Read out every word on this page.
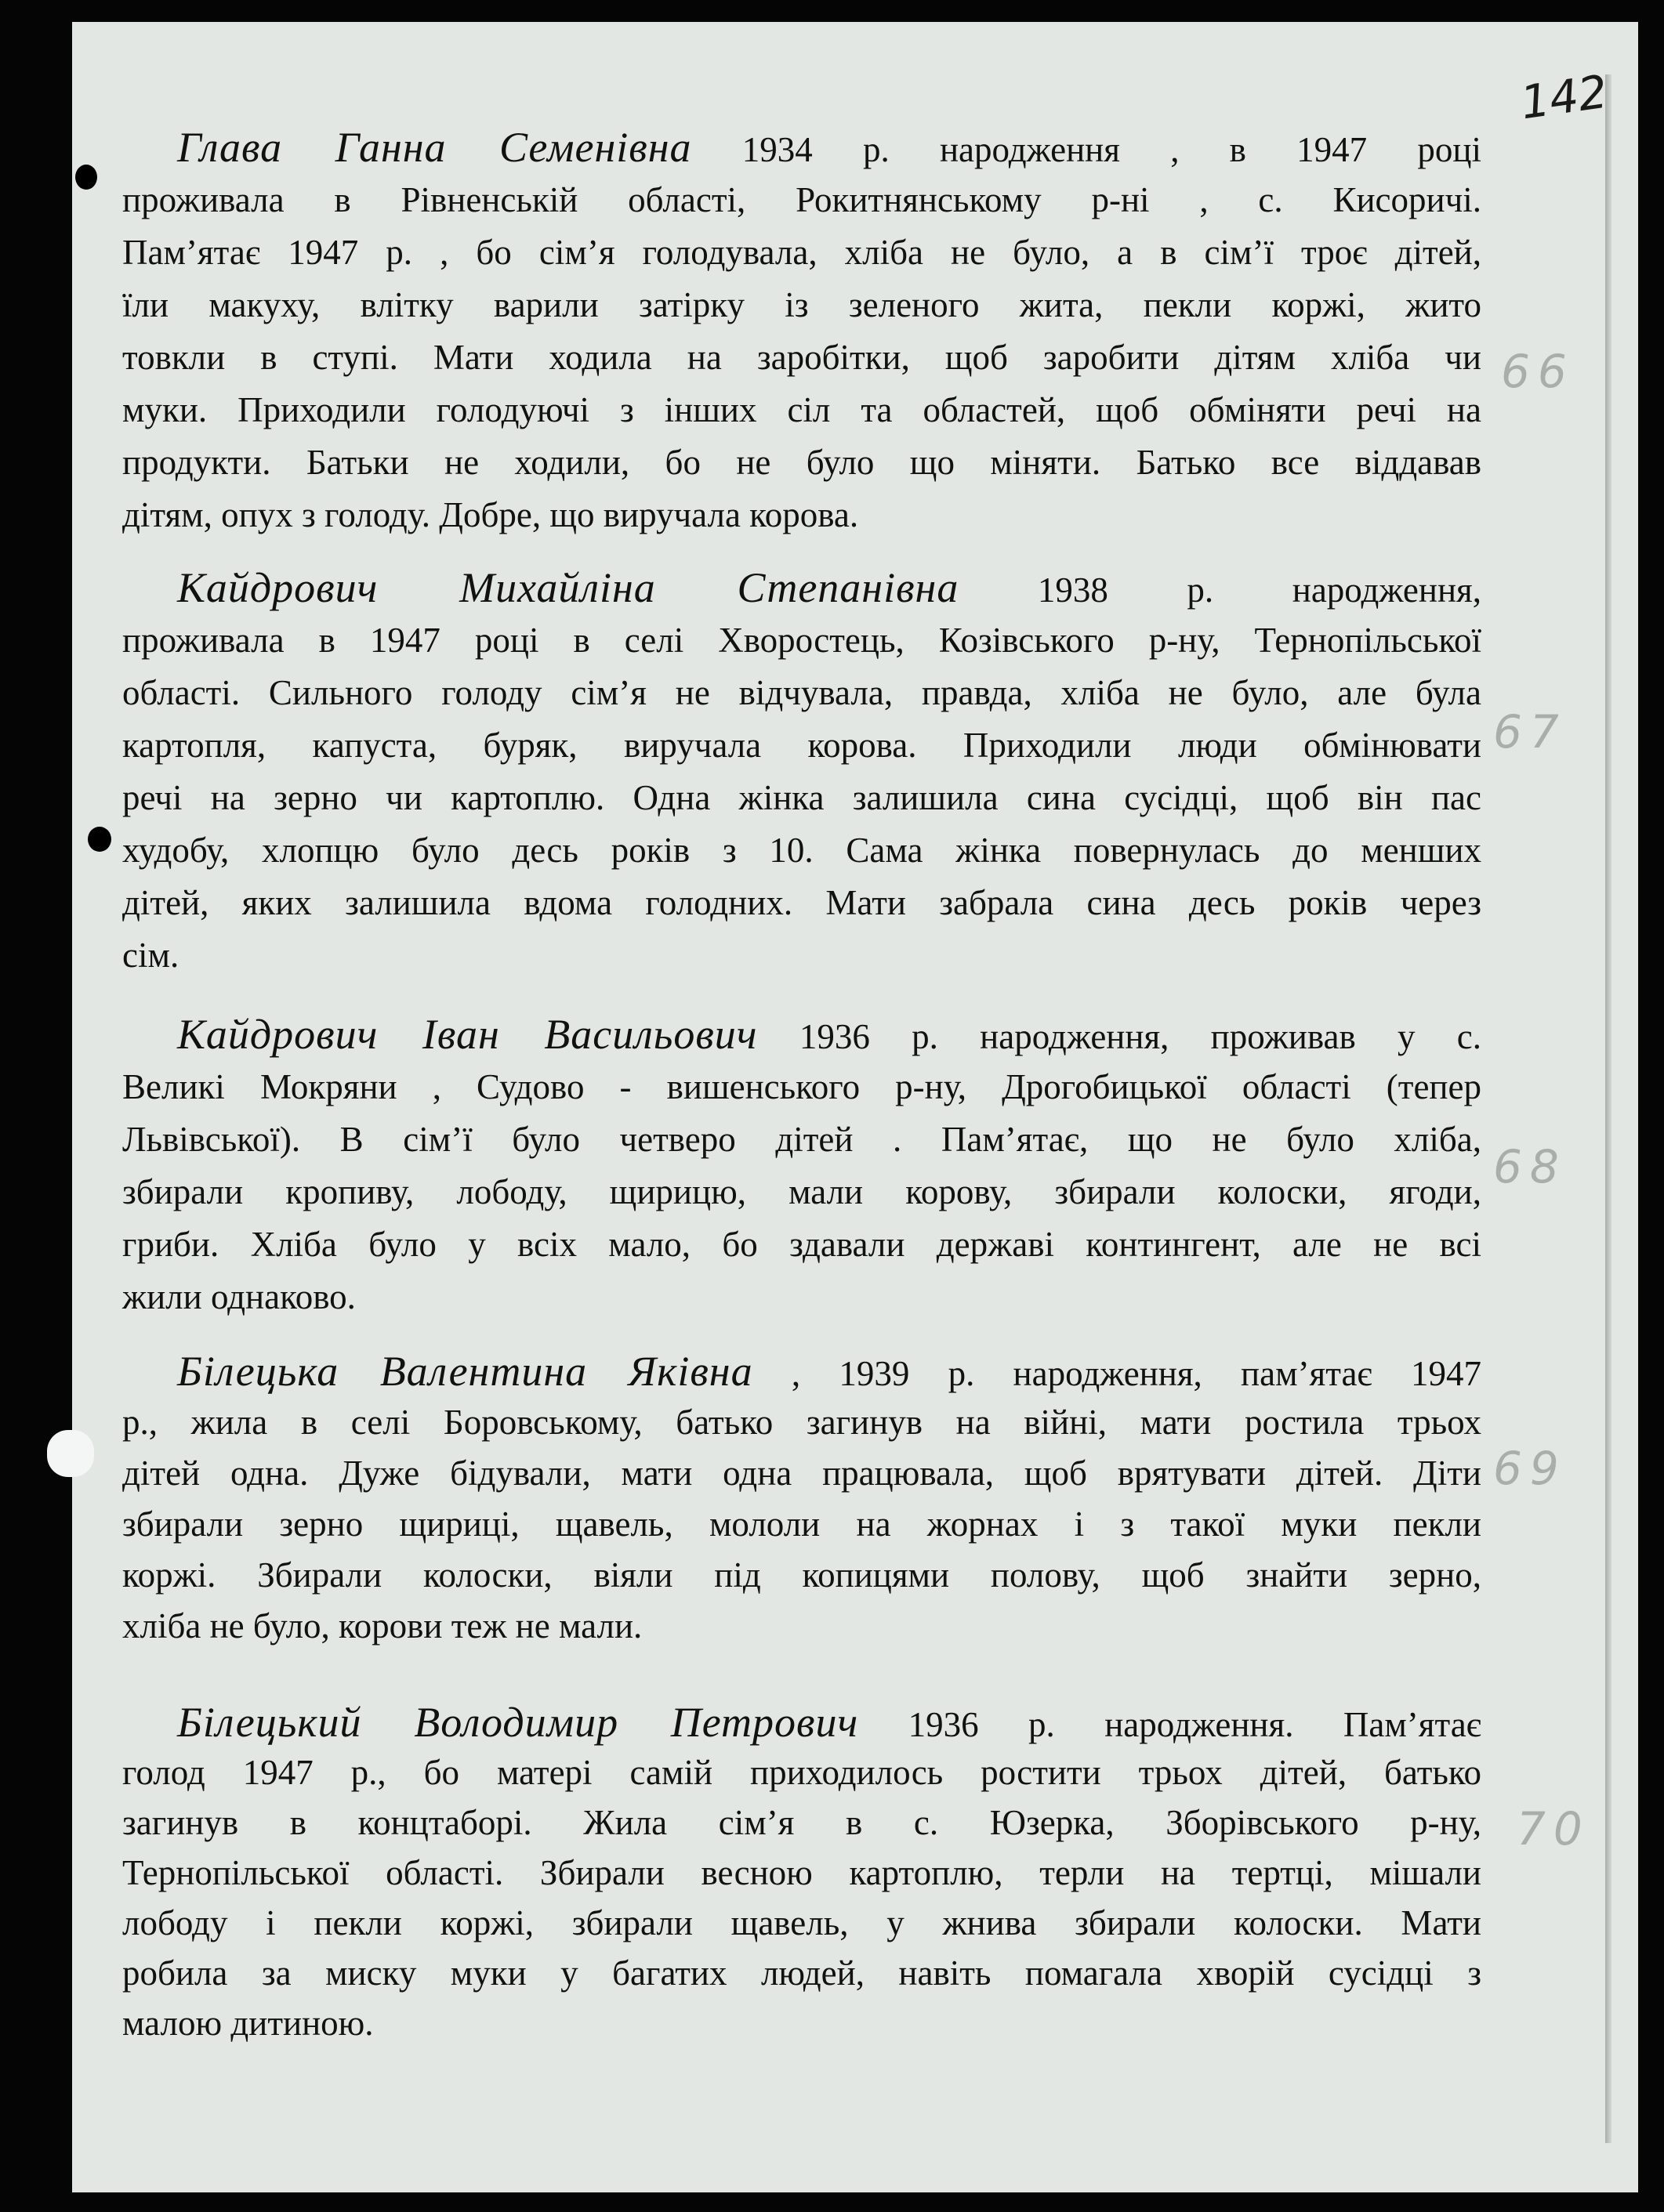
142
Глава Ганна Семенівна 1934 р. народження , в 1947 році
проживала в Рівненській області, Рокитнянському р-ні , с. Кисоричі.
Пам’ятає 1947 р. , бо сім’я голодувала, хліба не було, а в сім’ї троє дітей,
їли макуху, влітку варили затірку із зеленого жита, пекли коржі, жито
товкли в ступі. Мати ходила на заробітки, щоб заробити дітям хліба чи
муки. Приходили голодуючі з інших сіл та областей, щоб обміняти речі на
продукти. Батьки не ходили, бо не було що міняти. Батько все віддавав
дітям, опух з голоду. Добре, що виручала корова.
Кайдрович Михайліна Степанівна 1938 р. народження,
проживала в 1947 році в селі Хворостець, Козівського р-ну, Тернопільської
області. Сильного голоду сім’я не відчувала, правда, хліба не було, але була
картопля, капуста, буряк, виручала корова. Приходили люди обмінювати
речі на зерно чи картоплю. Одна жінка залишила сина сусідці, щоб він пас
худобу, хлопцю було десь років з 10. Сама жінка повернулась до менших
дітей, яких залишила вдома голодних. Мати забрала сина десь років через
сім.
Кайдрович Іван Васильович 1936 р. народження, проживав у с.
Великі Мокряни , Судово - вишенського р-ну, Дрогобицької області (тепер
Львівської). В сім’ї було четверо дітей . Пам’ятає, що не було хліба,
збирали кропиву, лободу, щирицю, мали корову, збирали колоски, ягоди,
гриби. Хліба було у всіх мало, бо здавали державі контингент, але не всі
жили однаково.
Білецька Валентина Яківна , 1939 р. народження, пам’ятає 1947
р., жила в селі Боровському, батько загинув на війні, мати ростила трьох
дітей одна. Дуже бідували, мати одна працювала, щоб врятувати дітей. Діти
збирали зерно щириці, щавель, мололи на жорнах і з такої муки пекли
коржі. Збирали колоски, віяли під копицями полову, щоб знайти зерно,
хліба не було, корови теж не мали.
Білецький Володимир Петрович 1936 р. народження. Пам’ятає
голод 1947 р., бо матері самій приходилось ростити трьох дітей, батько
загинув в концтаборі. Жила сім’я в с. Юзерка, Зборівського р-ну,
Тернопільської області. Збирали весною картоплю, терли на тертці, мішали
лободу і пекли коржі, збирали щавель, у жнива збирали колоски. Мати
робила за миску муки у багатих людей, навіть помагала хворій сусідці з
малою дитиною.
66
67
68
69
70
